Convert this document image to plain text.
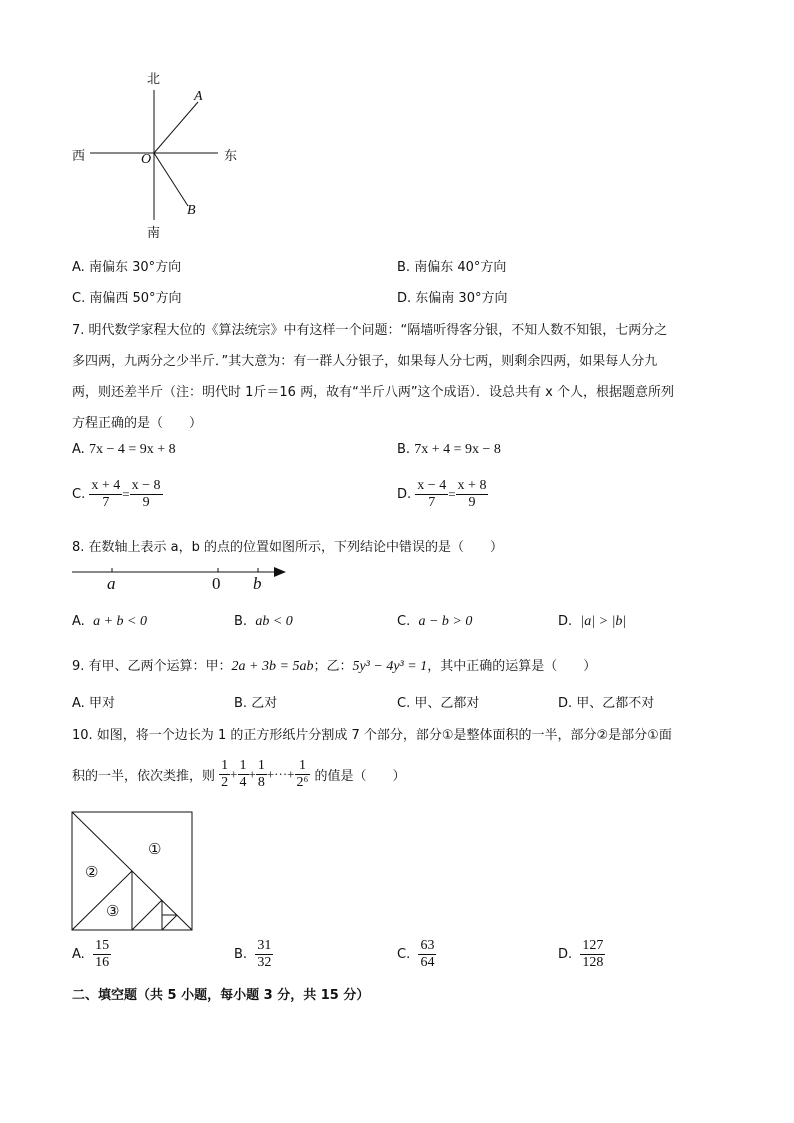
北
南
西	东
O
A
B
A. 南偏东 30°方向	B. 南偏东 40°方向
C. 南偏西 50°方向	D. 东偏南 30°方向
7. 明代数学家程大位的《算法统宗》中有这样一个问题：“隔墙听得客分银，不知人数不知银，七两分之
多四两，九两分之少半斤．”其大意为：有一群人分银子，如果每人分七两，则剩余四两，如果每人分九
两，则还差半斤（注：明代时 1斤＝16 两，故有“半斤八两”这个成语）．设总共有 x 个人，根据题意所列
方程正确的是（　　）
A. 7x − 4 = 9x + 8	B. 7x + 4 = 9x − 8
C. $\frac{x + 4}{7} = \frac{x - 8}{9}$	D. $\frac{x - 4}{7} = \frac{x + 8}{9}$
8. 在数轴上表示 a，b 的点的位置如图所示，下列结论中错误的是（　　）
a	0 b
A. a + b < 0	B. ab < 0	C. a − b > 0	D. |a| > |b|
9. 有甲、乙两个运算：甲：2a + 3b = 5ab；乙：5y³ − 4y³ = 1，其中正确的运算是（　　）
A. 甲对	B. 乙对	C. 甲、乙都对	D. 甲、乙都不对
10. 如图，将一个边长为 1 的正方形纸片分割成 7 个部分，部分①是整体面积的一半，部分②是部分①面
积的一半，依次类推，则 $\frac{1}{2} + \frac{1}{4} + \frac{1}{8}$ +···+ $\frac{1}{\text{2⁶}}$ 的值是（　　）
①
②
③
A. $\frac{15}{16}$	B. $\frac{31}{32}$	C. $\frac{63}{64}$	D. $\frac{127}{128}$
二、填空题（共 5 小题，每小题 3 分，共 15 分）
